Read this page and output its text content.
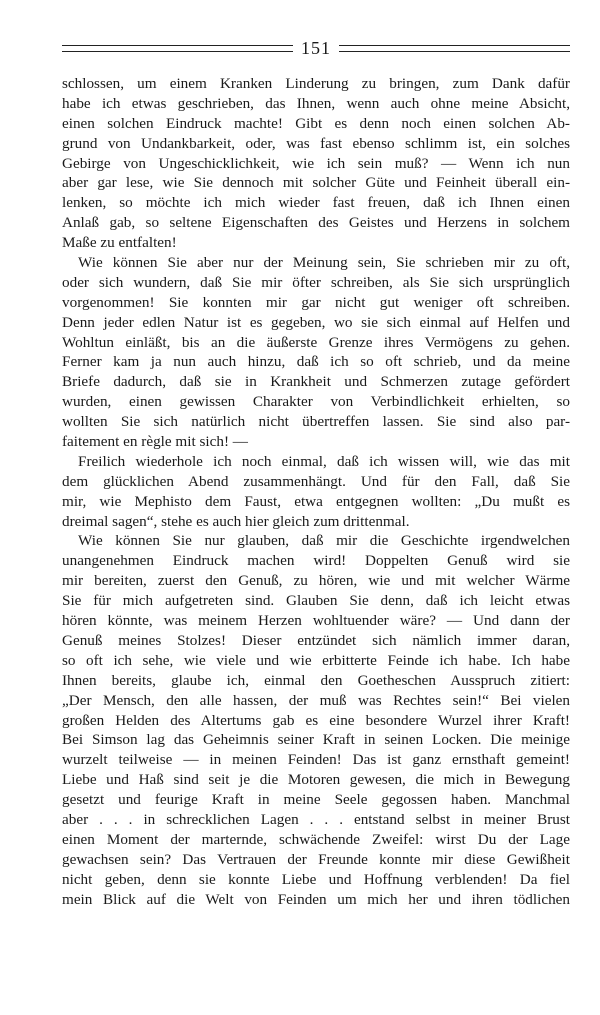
151
schlossen, um einem Kranken Linderung zu bringen, zum Dank dafür
habe ich etwas geschrieben, das Ihnen, wenn auch ohne meine Absicht,
einen solchen Eindruck machte! Gibt es denn noch einen solchen Ab-
grund von Undankbarkeit, oder, was fast ebenso schlimm ist, ein solches
Gebirge von Ungeschicklichkeit, wie ich sein muß? — Wenn ich nun
aber gar lese, wie Sie dennoch mit solcher Güte und Feinheit überall ein-
lenken, so möchte ich mich wieder fast freuen, daß ich Ihnen einen
Anlaß gab, so seltene Eigenschaften des Geistes und Herzens in solchem
Maße zu entfalten!
Wie können Sie aber nur der Meinung sein, Sie schrieben mir zu oft,
oder sich wundern, daß Sie mir öfter schreiben, als Sie sich ursprünglich
vorgenommen! Sie konnten mir gar nicht gut weniger oft schreiben.
Denn jeder edlen Natur ist es gegeben, wo sie sich einmal auf Helfen und
Wohltun einläßt, bis an die äußerste Grenze ihres Vermögens zu gehen.
Ferner kam ja nun auch hinzu, daß ich so oft schrieb, und da meine
Briefe dadurch, daß sie in Krankheit und Schmerzen zutage gefördert
wurden, einen gewissen Charakter von Verbindlichkeit erhielten, so
wollten Sie sich natürlich nicht übertreffen lassen. Sie sind also par-
faitement en règle mit sich! —
Freilich wiederhole ich noch einmal, daß ich wissen will, wie das mit
dem glücklichen Abend zusammenhängt. Und für den Fall, daß Sie
mir, wie Mephisto dem Faust, etwa entgegnen wollten: „Du mußt es
dreimal sagen“, stehe es auch hier gleich zum drittenmal.
Wie können Sie nur glauben, daß mir die Geschichte irgendwelchen
unangenehmen Eindruck machen wird! Doppelten Genuß wird sie
mir bereiten, zuerst den Genuß, zu hören, wie und mit welcher Wärme
Sie für mich aufgetreten sind. Glauben Sie denn, daß ich leicht etwas
hören könnte, was meinem Herzen wohltuender wäre? — Und dann der
Genuß meines Stolzes! Dieser entzündet sich nämlich immer daran,
so oft ich sehe, wie viele und wie erbitterte Feinde ich habe. Ich habe
Ihnen bereits, glaube ich, einmal den Goetheschen Ausspruch zitiert:
„Der Mensch, den alle hassen, der muß was Rechtes sein!“ Bei vielen
großen Helden des Altertums gab es eine besondere Wurzel ihrer Kraft!
Bei Simson lag das Geheimnis seiner Kraft in seinen Locken. Die meinige
wurzelt teilweise — in meinen Feinden! Das ist ganz ernsthaft gemeint!
Liebe und Haß sind seit je die Motoren gewesen, die mich in Bewegung
gesetzt und feurige Kraft in meine Seele gegossen haben. Manchmal
aber . . . in schrecklichen Lagen . . . entstand selbst in meiner Brust
einen Moment der marternde, schwächende Zweifel: wirst Du der Lage
gewachsen sein? Das Vertrauen der Freunde konnte mir diese Gewißheit
nicht geben, denn sie konnte Liebe und Hoffnung verblenden! Da fiel
mein Blick auf die Welt von Feinden um mich her und ihren tödlichen
